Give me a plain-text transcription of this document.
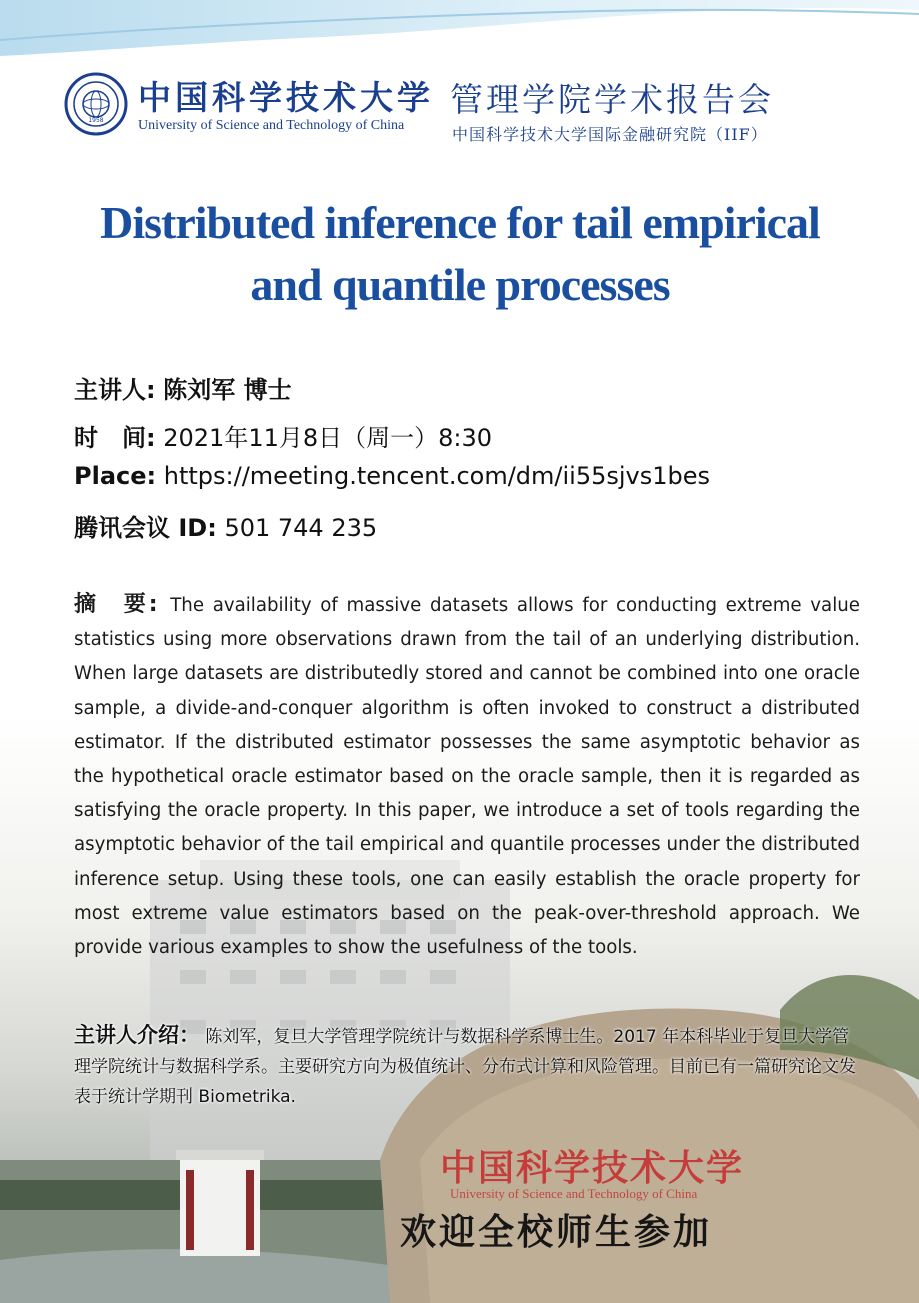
1958
中国科学技术大学
University of Science and Technology of China
管理学院学术报告会
中国科学技术大学国际金融研究院（IIF）
Distributed inference for tail empirical
and quantile processes
主讲人: 陈刘军 博士
时　间: 2021年11月8日（周一）8:30
Place: https://meeting.tencent.com/dm/ii55sjvs1bes
腾讯会议 ID: 501 744 235
摘　要: The availability of massive datasets allows for conducting extreme value statistics using more observations drawn from the tail of an underlying distribution. When large datasets are distributedly stored and cannot be combined into one oracle sample, a divide-and-conquer algorithm is often invoked to construct a distributed estimator. If the distributed estimator possesses the same asymptotic behavior as the hypothetical oracle estimator based on the oracle sample, then it is regarded as satisfying the oracle property. In this paper, we introduce a set of tools regarding the asymptotic behavior of the tail empirical and quantile processes under the distributed inference setup. Using these tools, one can easily establish the oracle property for most extreme value estimators based on the peak-over-threshold approach. We provide various examples to show the usefulness of the tools.
主讲人介绍： 陈刘军，复旦大学管理学院统计与数据科学系博士生。2017 年本科毕业于复旦大学管理学院统计与数据科学系。主要研究方向为极值统计、分布式计算和风险管理。目前已有一篇研究论文发表于统计学期刊 Biometrika.
中国科学技术大学
University of Science and Technology of China
欢迎全校师生参加
